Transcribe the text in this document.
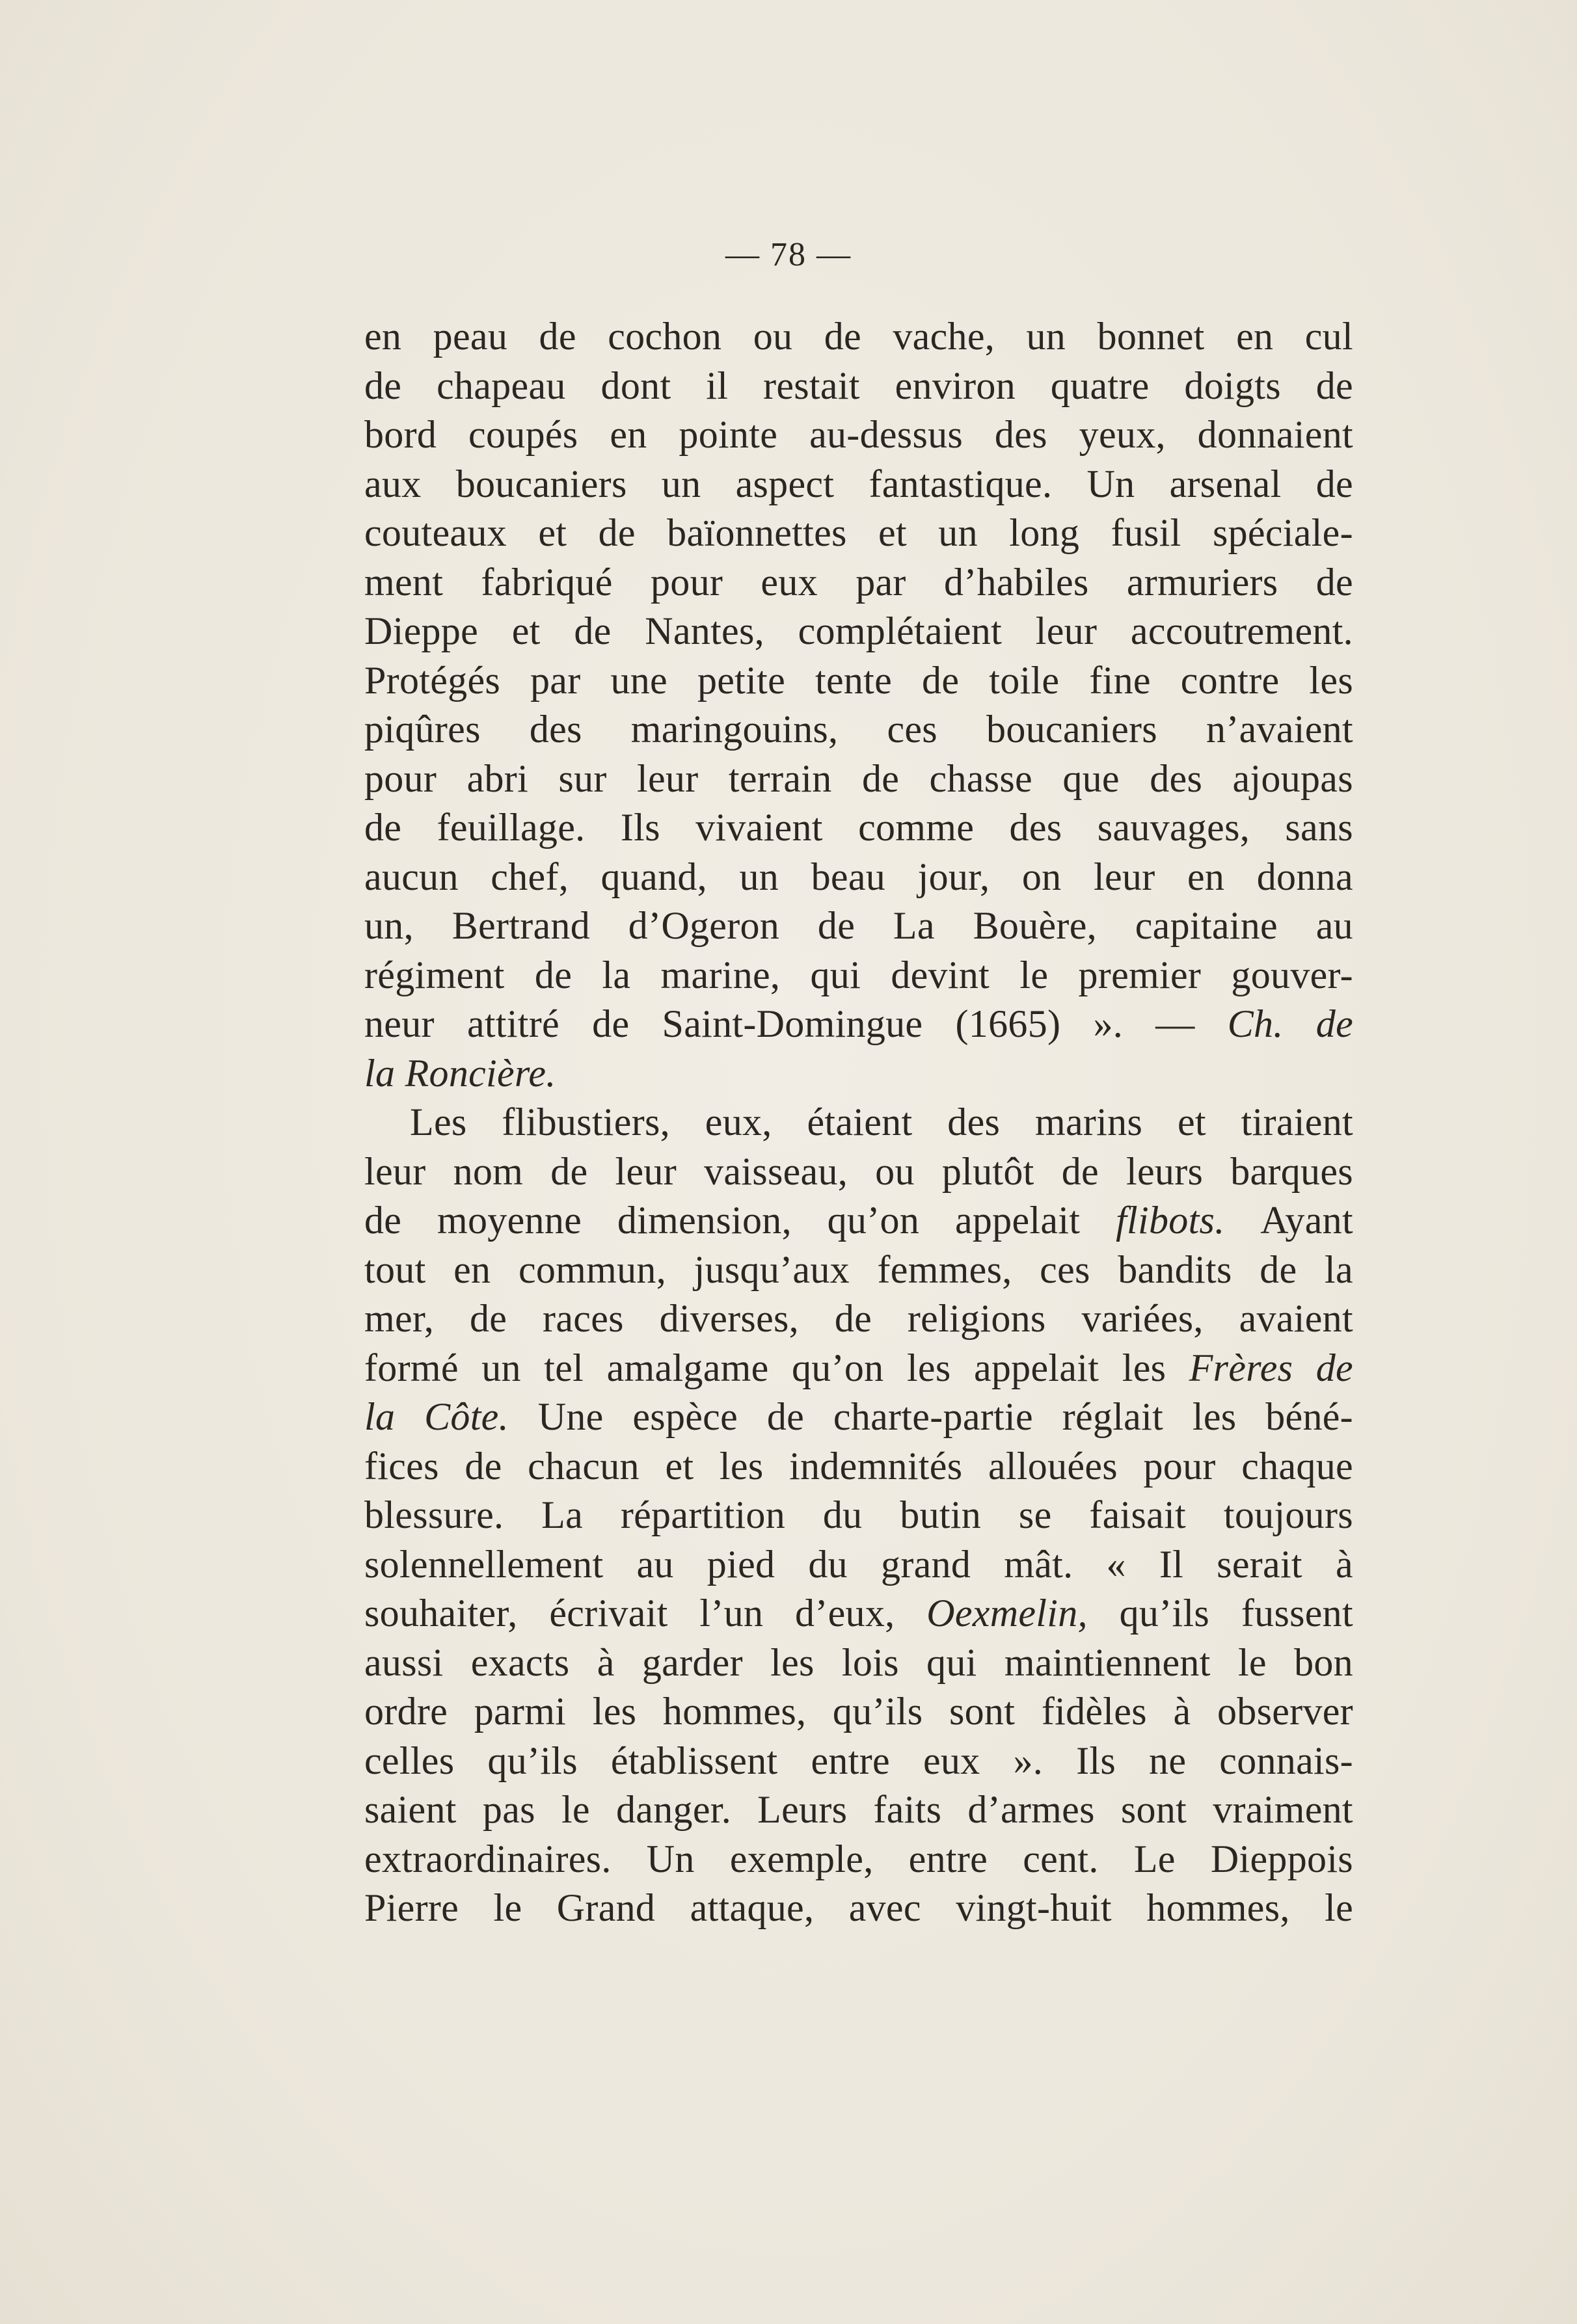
— 78 —
en peau de cochon ou de vache, un bonnet en cul
de chapeau dont il restait environ quatre doigts de
bord coupés en pointe au-dessus des yeux, donnaient
aux boucaniers un aspect fantastique. Un arsenal de
couteaux et de baïonnettes et un long fusil spéciale-
ment fabriqué pour eux par d’habiles armuriers de
Dieppe et de Nantes, complétaient leur accoutrement.
Protégés par une petite tente de toile fine contre les
piqûres des maringouins, ces boucaniers n’avaient
pour abri sur leur terrain de chasse que des ajoupas
de feuillage. Ils vivaient comme des sauvages, sans
aucun chef, quand, un beau jour, on leur en donna
un, Bertrand d’Ogeron de La Bouère, capitaine au
régiment de la marine, qui devint le premier gouver-
neur attitré de Saint-Domingue (1665) ». — Ch. de
la Roncière.
Les flibustiers, eux, étaient des marins et tiraient
leur nom de leur vaisseau, ou plutôt de leurs barques
de moyenne dimension, qu’on appelait flibots. Ayant
tout en commun, jusqu’aux femmes, ces bandits de la
mer, de races diverses, de religions variées, avaient
formé un tel amalgame qu’on les appelait les Frères de
la Côte. Une espèce de charte-partie réglait les béné-
fices de chacun et les indemnités allouées pour chaque
blessure. La répartition du butin se faisait toujours
solennellement au pied du grand mât. « Il serait à
souhaiter, écrivait l’un d’eux, Oexmelin, qu’ils fussent
aussi exacts à garder les lois qui maintiennent le bon
ordre parmi les hommes, qu’ils sont fidèles à observer
celles qu’ils établissent entre eux ». Ils ne connais-
saient pas le danger. Leurs faits d’armes sont vraiment
extraordinaires. Un exemple, entre cent. Le Dieppois
Pierre le Grand attaque, avec vingt-huit hommes, le
